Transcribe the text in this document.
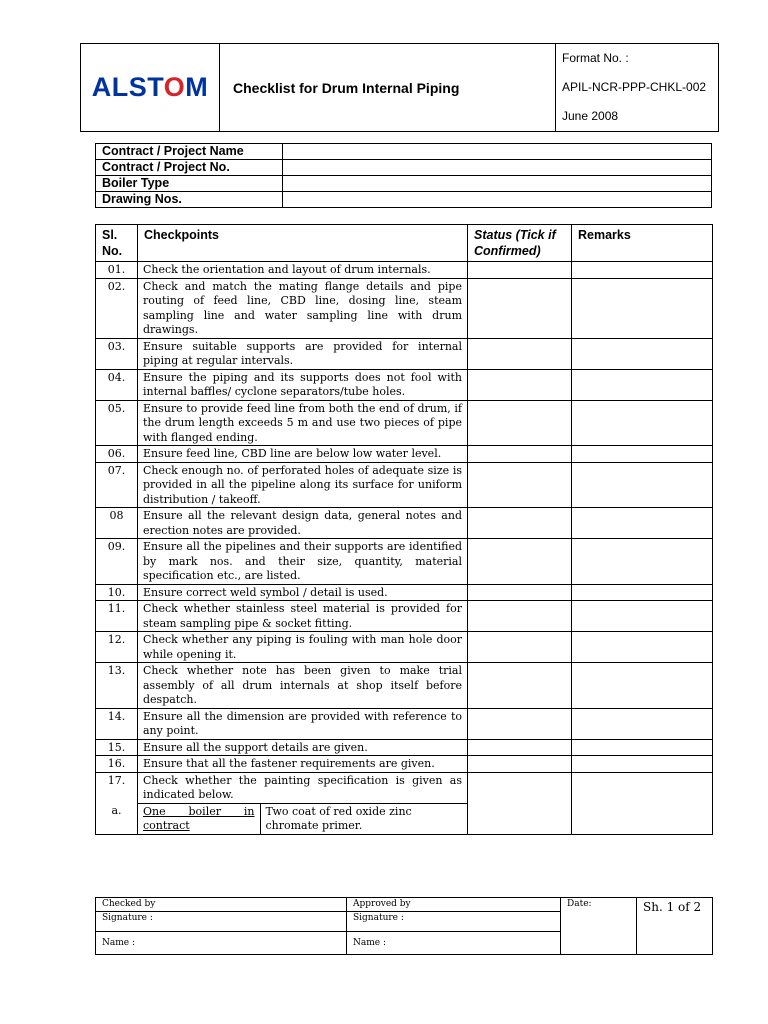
ALSTOM	Checklist for Drum Internal Piping	
Format No. :
APIL-NCR-PPP-CHKL-002
June 2008
Contract / Project Name	
Contract / Project No.	
Boiler Type	
Drawing Nos.	
Sl. No.	Checkpoints	Status (Tick if Confirmed)	Remarks
01.	Check the orientation and layout of drum internals.		
02.	Check and match the mating flange details and pipe routing of feed line, CBD line, dosing line, steam sampling line and water sampling line with drum drawings.		
03.	Ensure suitable supports are provided for internal piping at regular intervals.		
04.	Ensure the piping and its supports does not fool with internal baffles/ cyclone separators/tube holes.		
05.	Ensure to provide feed line from both the end of drum, if the drum length exceeds 5 m and use two pieces of pipe with flanged ending.		
06.	Ensure feed line, CBD line are below low water level.		
07.	Check enough no. of perforated holes of adequate size is provided in all the pipeline along its surface for uniform distribution / takeoff.		
08	Ensure all the relevant design data, general notes and erection notes are provided.		
09.	Ensure all the pipelines and their supports are identified by mark nos. and their size, quantity, material specification etc., are listed.		
10.	Ensure correct weld symbol / detail is used.		
11.	Check whether stainless steel material is provided for steam sampling pipe & socket fitting.		
12.	Check whether any piping is fouling with man hole door while opening it.		
13.	Check whether note has been given to make trial assembly of all drum internals at shop itself before despatch.		
14.	Ensure all the dimension are provided with reference to any point.		
15.	Ensure all the support details are given.		
16.	Ensure that all the fastener requirements are given.		
17.	Check whether the painting specification is given as indicated below.		
a.	One boiler in contract	Two coat of red oxide zinc chromate primer.

Checked by	Approved by	Date:	Sh. 1 of 2
Signature :	Signature :		
Name :	Name :		
